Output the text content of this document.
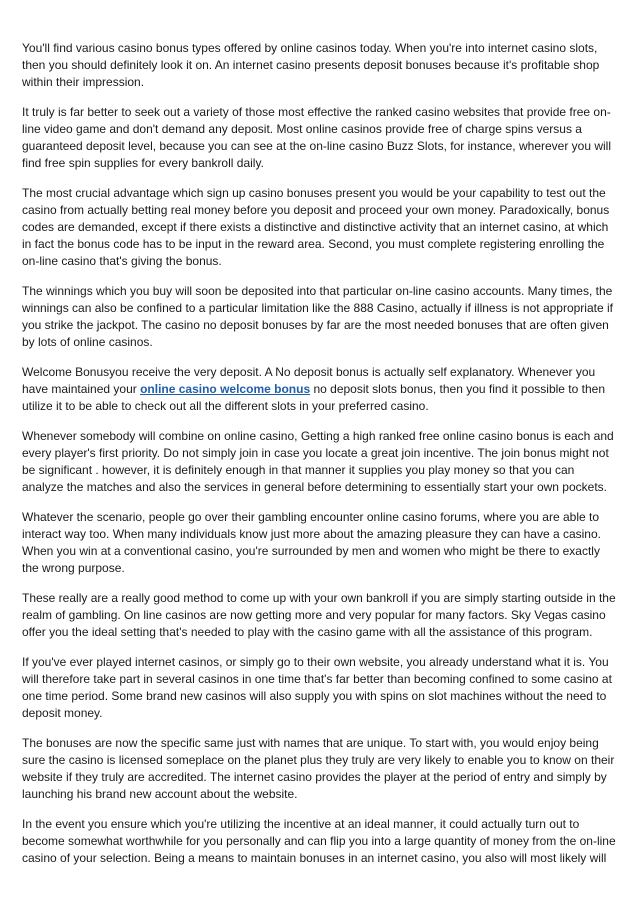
You'll find various casino bonus types offered by online casinos today. When you're into internet casino slots, then you should definitely look it on. An internet casino presents deposit bonuses because it's profitable shop within their impression.

It truly is far better to seek out a variety of those most effective the ranked casino websites that provide free on-line video game and don't demand any deposit. Most online casinos provide free of charge spins versus a guaranteed deposit level, because you can see at the on-line casino Buzz Slots, for instance, wherever you will find free spin supplies for every bankroll daily.

The most crucial advantage which sign up casino bonuses present you would be your capability to test out the casino from actually betting real money before you deposit and proceed your own money. Paradoxically, bonus codes are demanded, except if there exists a distinctive and distinctive activity that an internet casino, at which in fact the bonus code has to be input in the reward area. Second, you must complete registering enrolling the on-line casino that's giving the bonus.

The winnings which you buy will soon be deposited into that particular on-line casino accounts. Many times, the winnings can also be confined to a particular limitation like the 888 Casino, actually if illness is not appropriate if you strike the jackpot. The casino no deposit bonuses by far are the most needed bonuses that are often given by lots of online casinos.

Welcome Bonusyou receive the very deposit. A No deposit bonus is actually self explanatory. Whenever you have maintained your online casino welcome bonus no deposit slots bonus, then you find it possible to then utilize it to be able to check out all the different slots in your preferred casino.

Whenever somebody will combine on online casino, Getting a high ranked free online casino bonus is each and every player's first priority. Do not simply join in case you locate a great join incentive. The join bonus might not be significant . however, it is definitely enough in that manner it supplies you play money so that you can analyze the matches and also the services in general before determining to essentially start your own pockets.

Whatever the scenario, people go over their gambling encounter online casino forums, where you are able to interact way too. When many individuals know just more about the amazing pleasure they can have a casino. When you win at a conventional casino, you're surrounded by men and women who might be there to exactly the wrong purpose.

These really are a really good method to come up with your own bankroll if you are simply starting outside in the realm of gambling. On line casinos are now getting more and very popular for many factors. Sky Vegas casino offer you the ideal setting that's needed to play with the casino game with all the assistance of this program.

If you've ever played internet casinos, or simply go to their own website, you already understand what it is. You will therefore take part in several casinos in one time that's far better than becoming confined to some casino at one time period. Some brand new casinos will also supply you with spins on slot machines without the need to deposit money.

The bonuses are now the specific same just with names that are unique. To start with, you would enjoy being sure the casino is licensed someplace on the planet plus they truly are very likely to enable you to know on their website if they truly are accredited. The internet casino provides the player at the period of entry and simply by launching his brand new account about the website.

In the event you ensure which you're utilizing the incentive at an ideal manner, it could actually turn out to become somewhat worthwhile for you personally and can flip you into a large quantity of money from the on-line casino of your selection. Being a means to maintain bonuses in an internet casino, you also will most likely will
